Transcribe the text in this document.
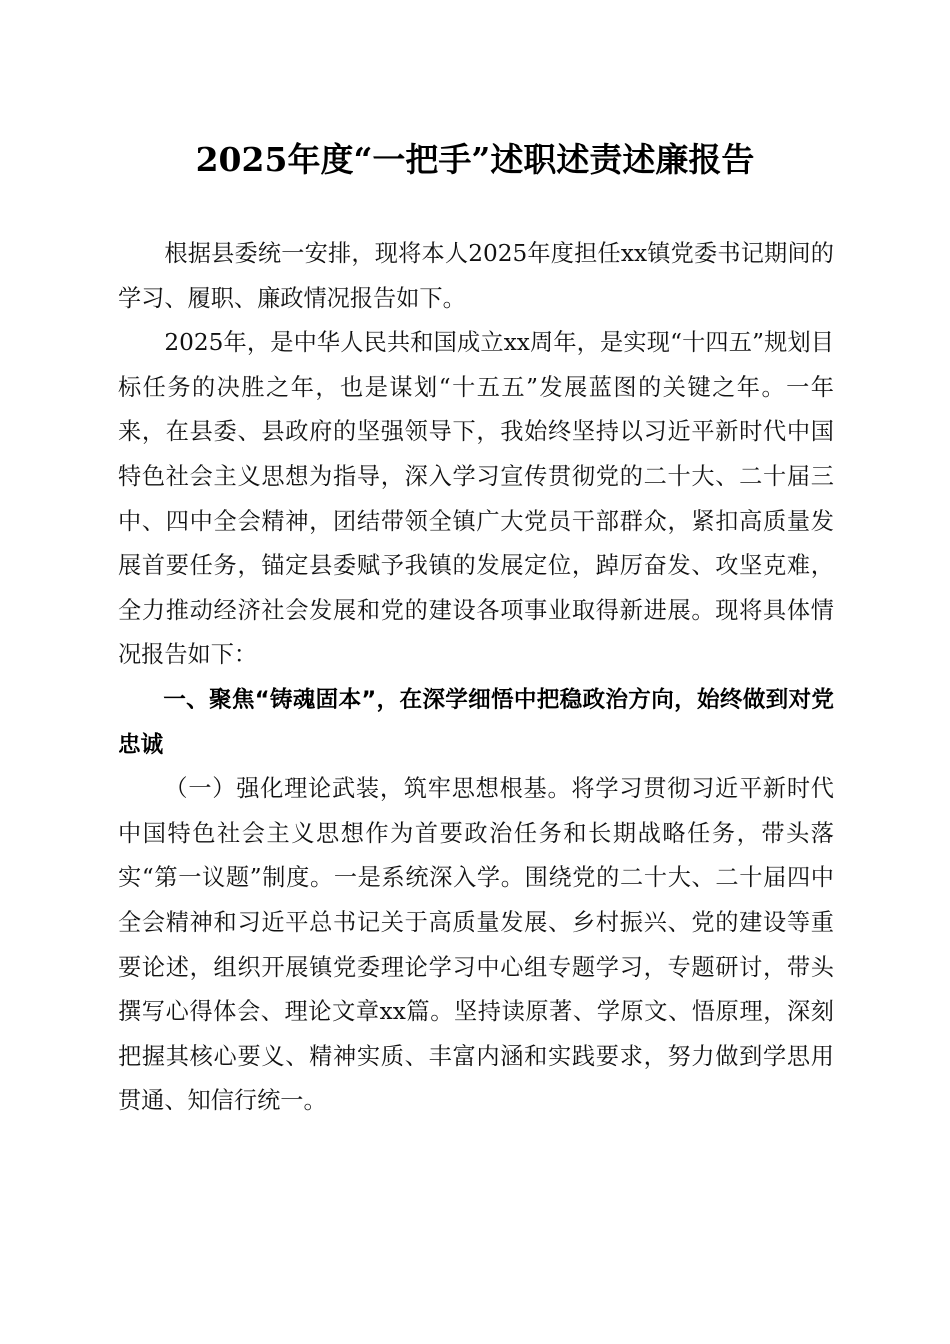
2025年度“一把手”述职述责述廉报告

根据县委统一安排，现将本人2025年度担任xx镇党委书记期间的学习、履职、廉政情况报告如下。

2025年，是中华人民共和国成立xx周年，是实现“十四五”规划目标任务的决胜之年，也是谋划“十五五”发展蓝图的关键之年。一年来，在县委、县政府的坚强领导下，我始终坚持以习近平新时代中国特色社会主义思想为指导，深入学习宣传贯彻党的二十大、二十届三中、四中全会精神，团结带领全镇广大党员干部群众，紧扣高质量发展首要任务，锚定县委赋予我镇的发展定位，踔厉奋发、攻坚克难，全力推动经济社会发展和党的建设各项事业取得新进展。现将具体情况报告如下：

一、聚焦“铸魂固本”，在深学细悟中把稳政治方向，始终做到对党忠诚

（一）强化理论武装，筑牢思想根基。将学习贯彻习近平新时代中国特色社会主义思想作为首要政治任务和长期战略任务，带头落实“第一议题”制度。一是系统深入学。围绕党的二十大、二十届四中全会精神和习近平总书记关于高质量发展、乡村振兴、党的建设等重要论述，组织开展镇党委理论学习中心组专题学习，专题研讨，带头撰写心得体会、理论文章xx篇。坚持读原著、学原文、悟原理，深刻把握其核心要义、精神实质、丰富内涵和实践要求，努力做到学思用贯通、知信行统一。
